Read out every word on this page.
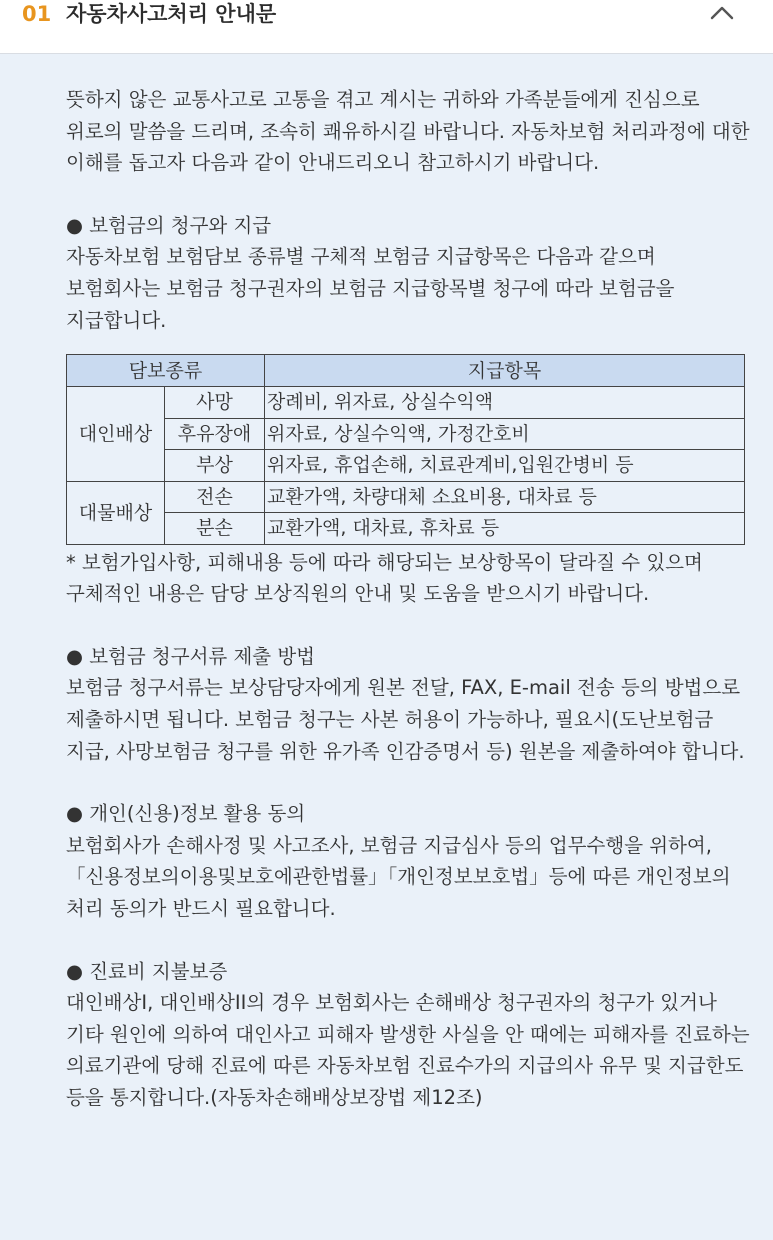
01 자동차사고처리 안내문

뜻하지 않은 교통사고로 고통을 겪고 계시는 귀하와 가족분들에게 진심으로 위로의 말씀을 드리며, 조속히 쾌유하시길 바랍니다. 자동차보험 처리과정에 대한 이해를 돕고자 다음과 같이 안내드리오니 참고하시기 바랍니다.

● 보험금의 청구와 지급

자동차보험 보험담보 종류별 구체적 보험금 지급항목은 다음과 같으며 보험회사는 보험금 청구권자의 보험금 지급항목별 청구에 따라 보험금을 지급합니다.

담보종류		지급항목
대인배상	사망	장례비, 위자료, 상실수익액
	후유장애	위자료, 상실수익액, 가정간호비
	부상	위자료, 휴업손해, 치료관계비,입원간병비 등
대물배상	전손	교환가액, 차량대체 소요비용, 대차료 등
	분손	교환가액, 대차료, 휴차료 등

* 보험가입사항, 피해내용 등에 따라 해당되는 보상항목이 달라질 수 있으며 구체적인 내용은 담당 보상직원의 안내 및 도움을 받으시기 바랍니다.

● 보험금 청구서류 제출 방법

보험금 청구서류는 보상담당자에게 원본 전달, FAX, E-mail 전송 등의 방법으로 제출하시면 됩니다. 보험금 청구는 사본 허용이 가능하나, 필요시(도난보험금 지급, 사망보험금 청구를 위한 유가족 인감증명서 등) 원본을 제출하여야 합니다.

● 개인(신용)정보 활용 동의

보험회사가 손해사정 및 사고조사, 보험금 지급심사 등의 업무수행을 위하여,「신용정보의이용및보호에관한법률」「개인정보보호법」등에 따른 개인정보의 처리 동의가 반드시 필요합니다.

● 진료비 지불보증

대인배상I, 대인배상II의 경우 보험회사는 손해배상 청구권자의 청구가 있거나 기타 원인에 의하여 대인사고 피해자 발생한 사실을 안 때에는 피해자를 진료하는 의료기관에 당해 진료에 따른 자동차보험 진료수가의 지급의사 유무 및 지급한도 등을 통지합니다.(자동차손해배상보장법 제12조)
